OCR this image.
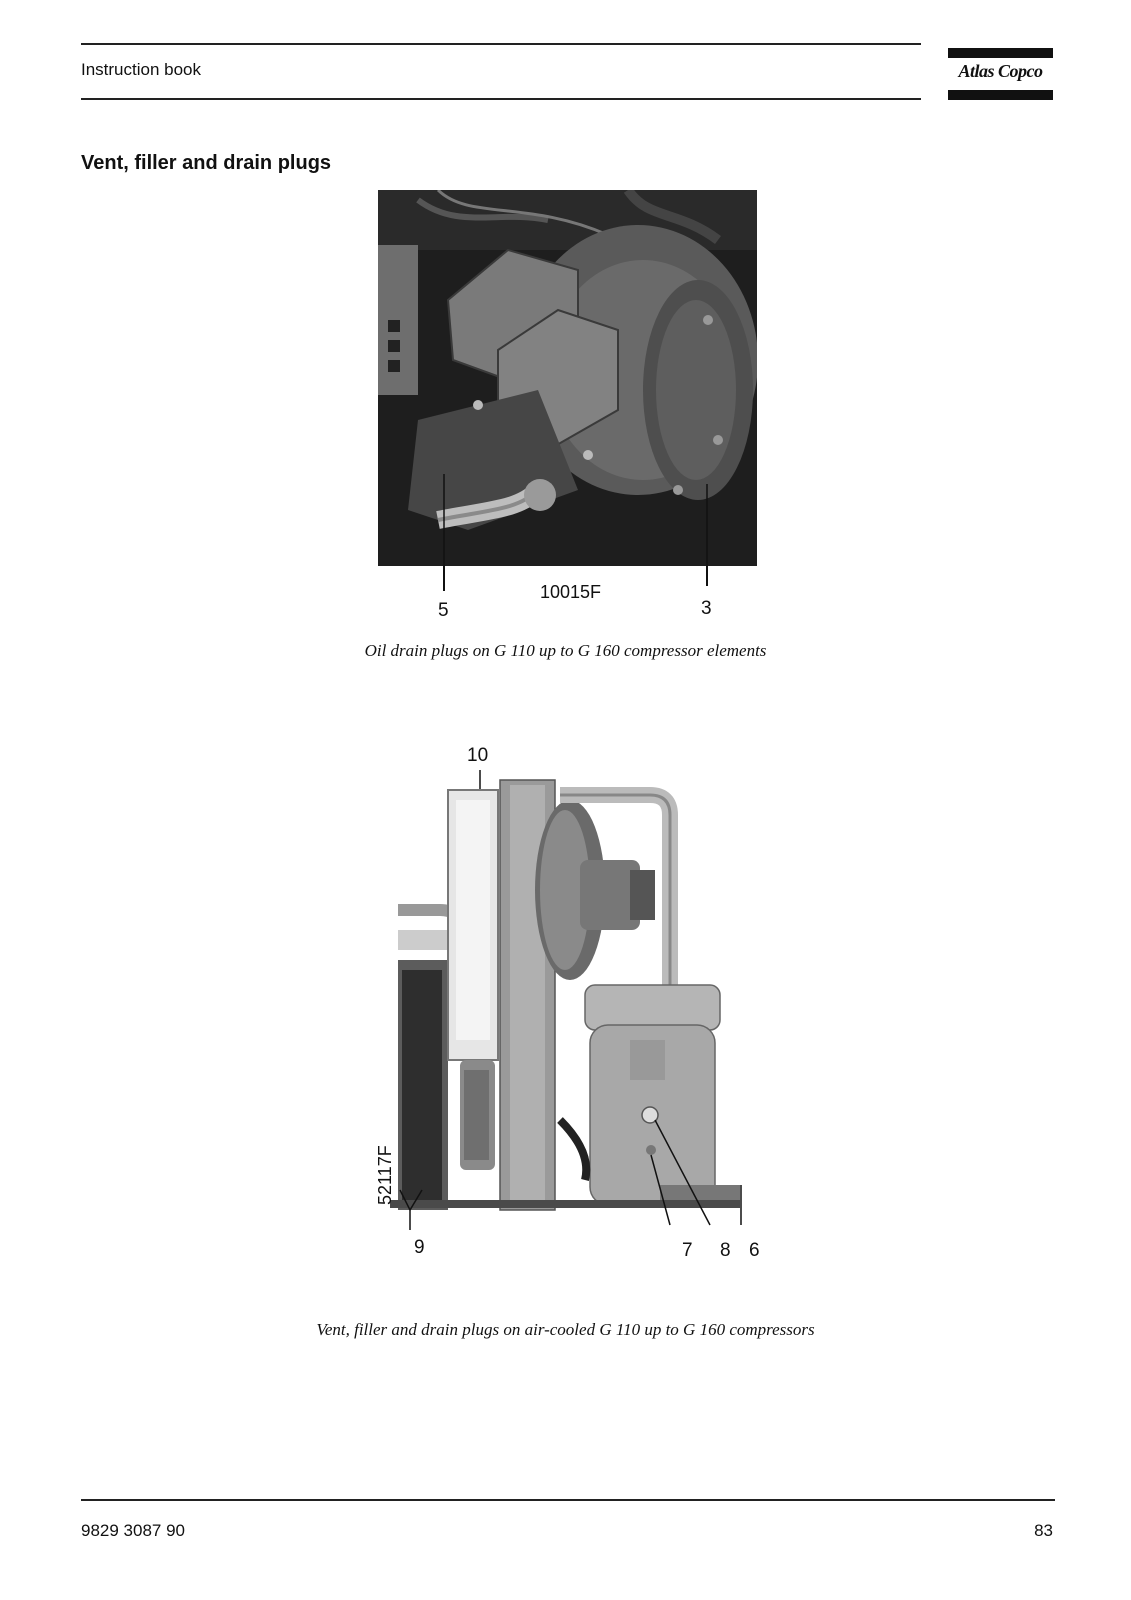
Instruction book	Atlas Copco
Vent, filler and drain plugs
5
10015F
3
Oil drain plugs on G 110 up to G 160 compressor elements
10
52117F
9	7 8 6
Vent, filler and drain plugs on air-cooled G 110 up to G 160 compressors
9829 3087 90	83
